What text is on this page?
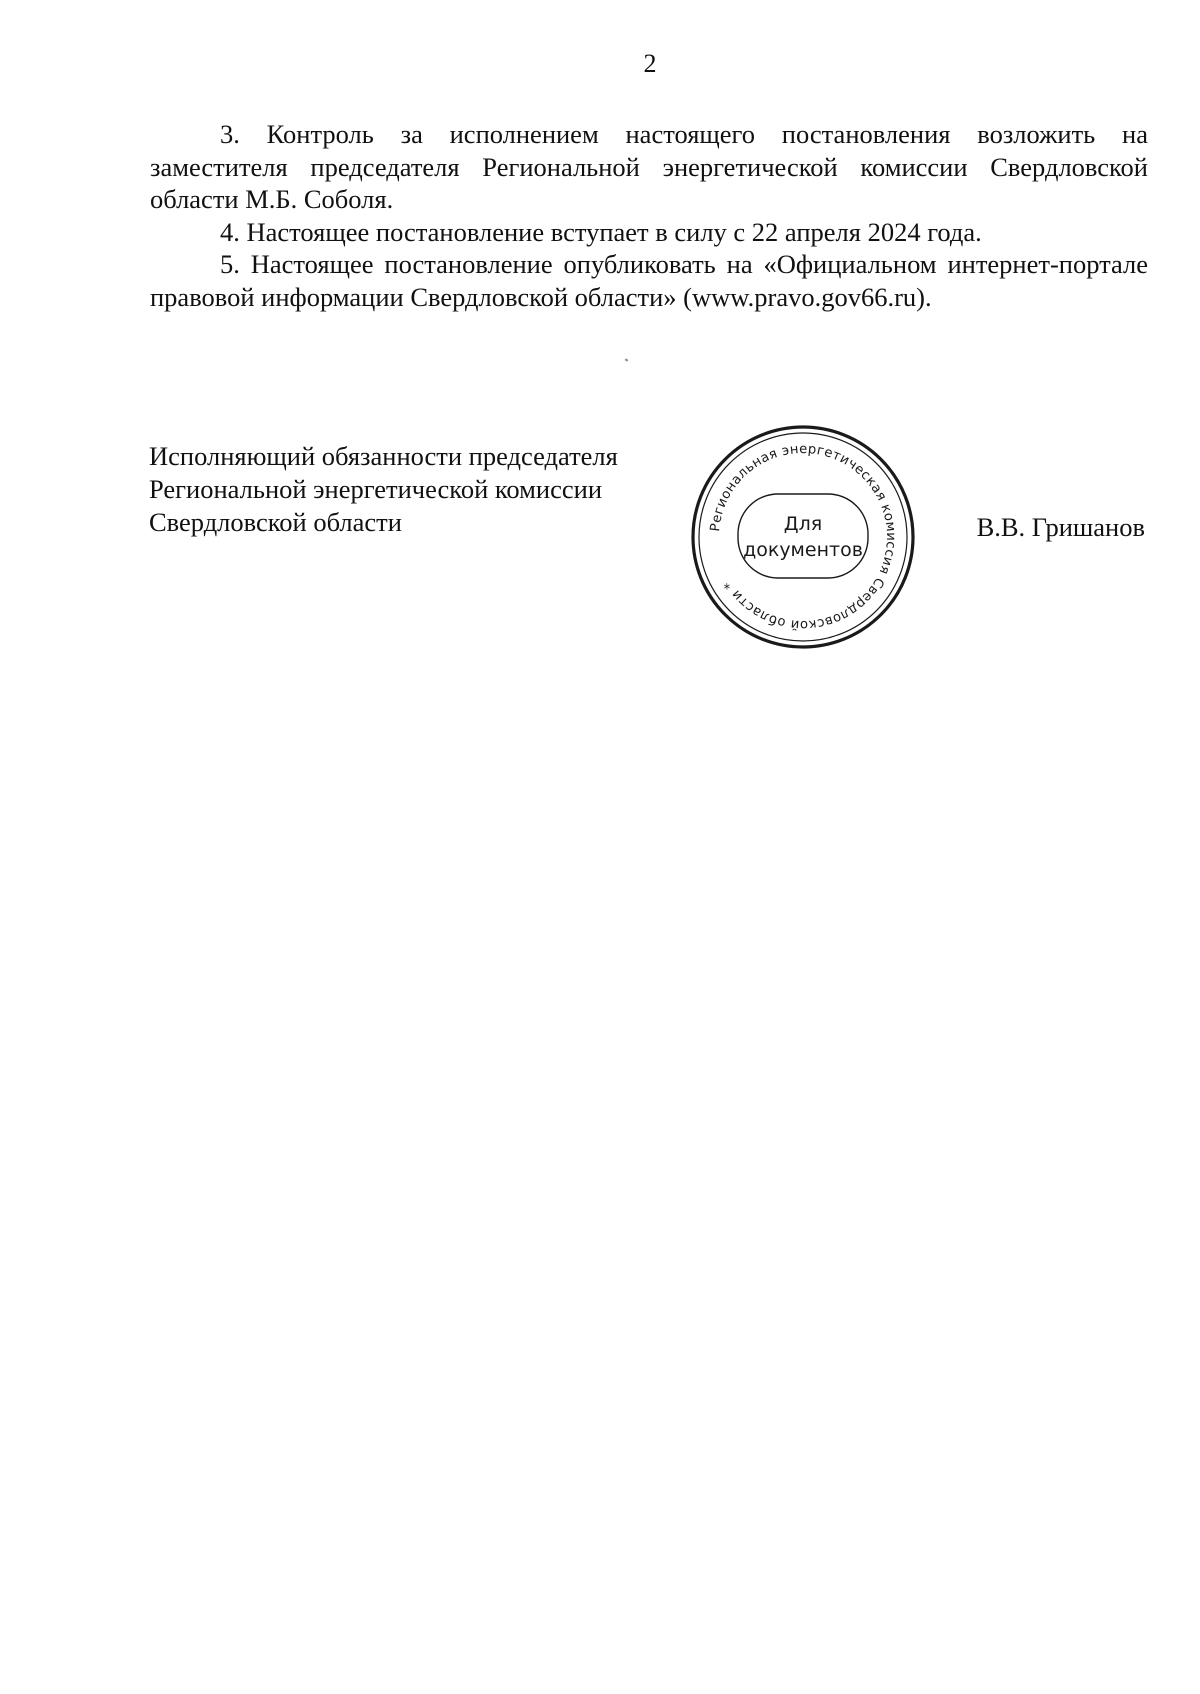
2

3. Контроль за исполнением настоящего постановления возложить на заместителя председателя Региональной энергетической комиссии Свердловской области М.Б. Соболя.

4. Настоящее постановление вступает в силу с 22 апреля 2024 года.

5. Настоящее постановление опубликовать на «Официальном интернет-портале правовой информации Свердловской области» (www.pravo.gov66.ru).

Исполняющий обязанности председателя
Региональной энергетической комиссии
Свердловской области	Региональная энергетическая комиссия Свердловской области *
Для
документов
В.В. Гришанов
